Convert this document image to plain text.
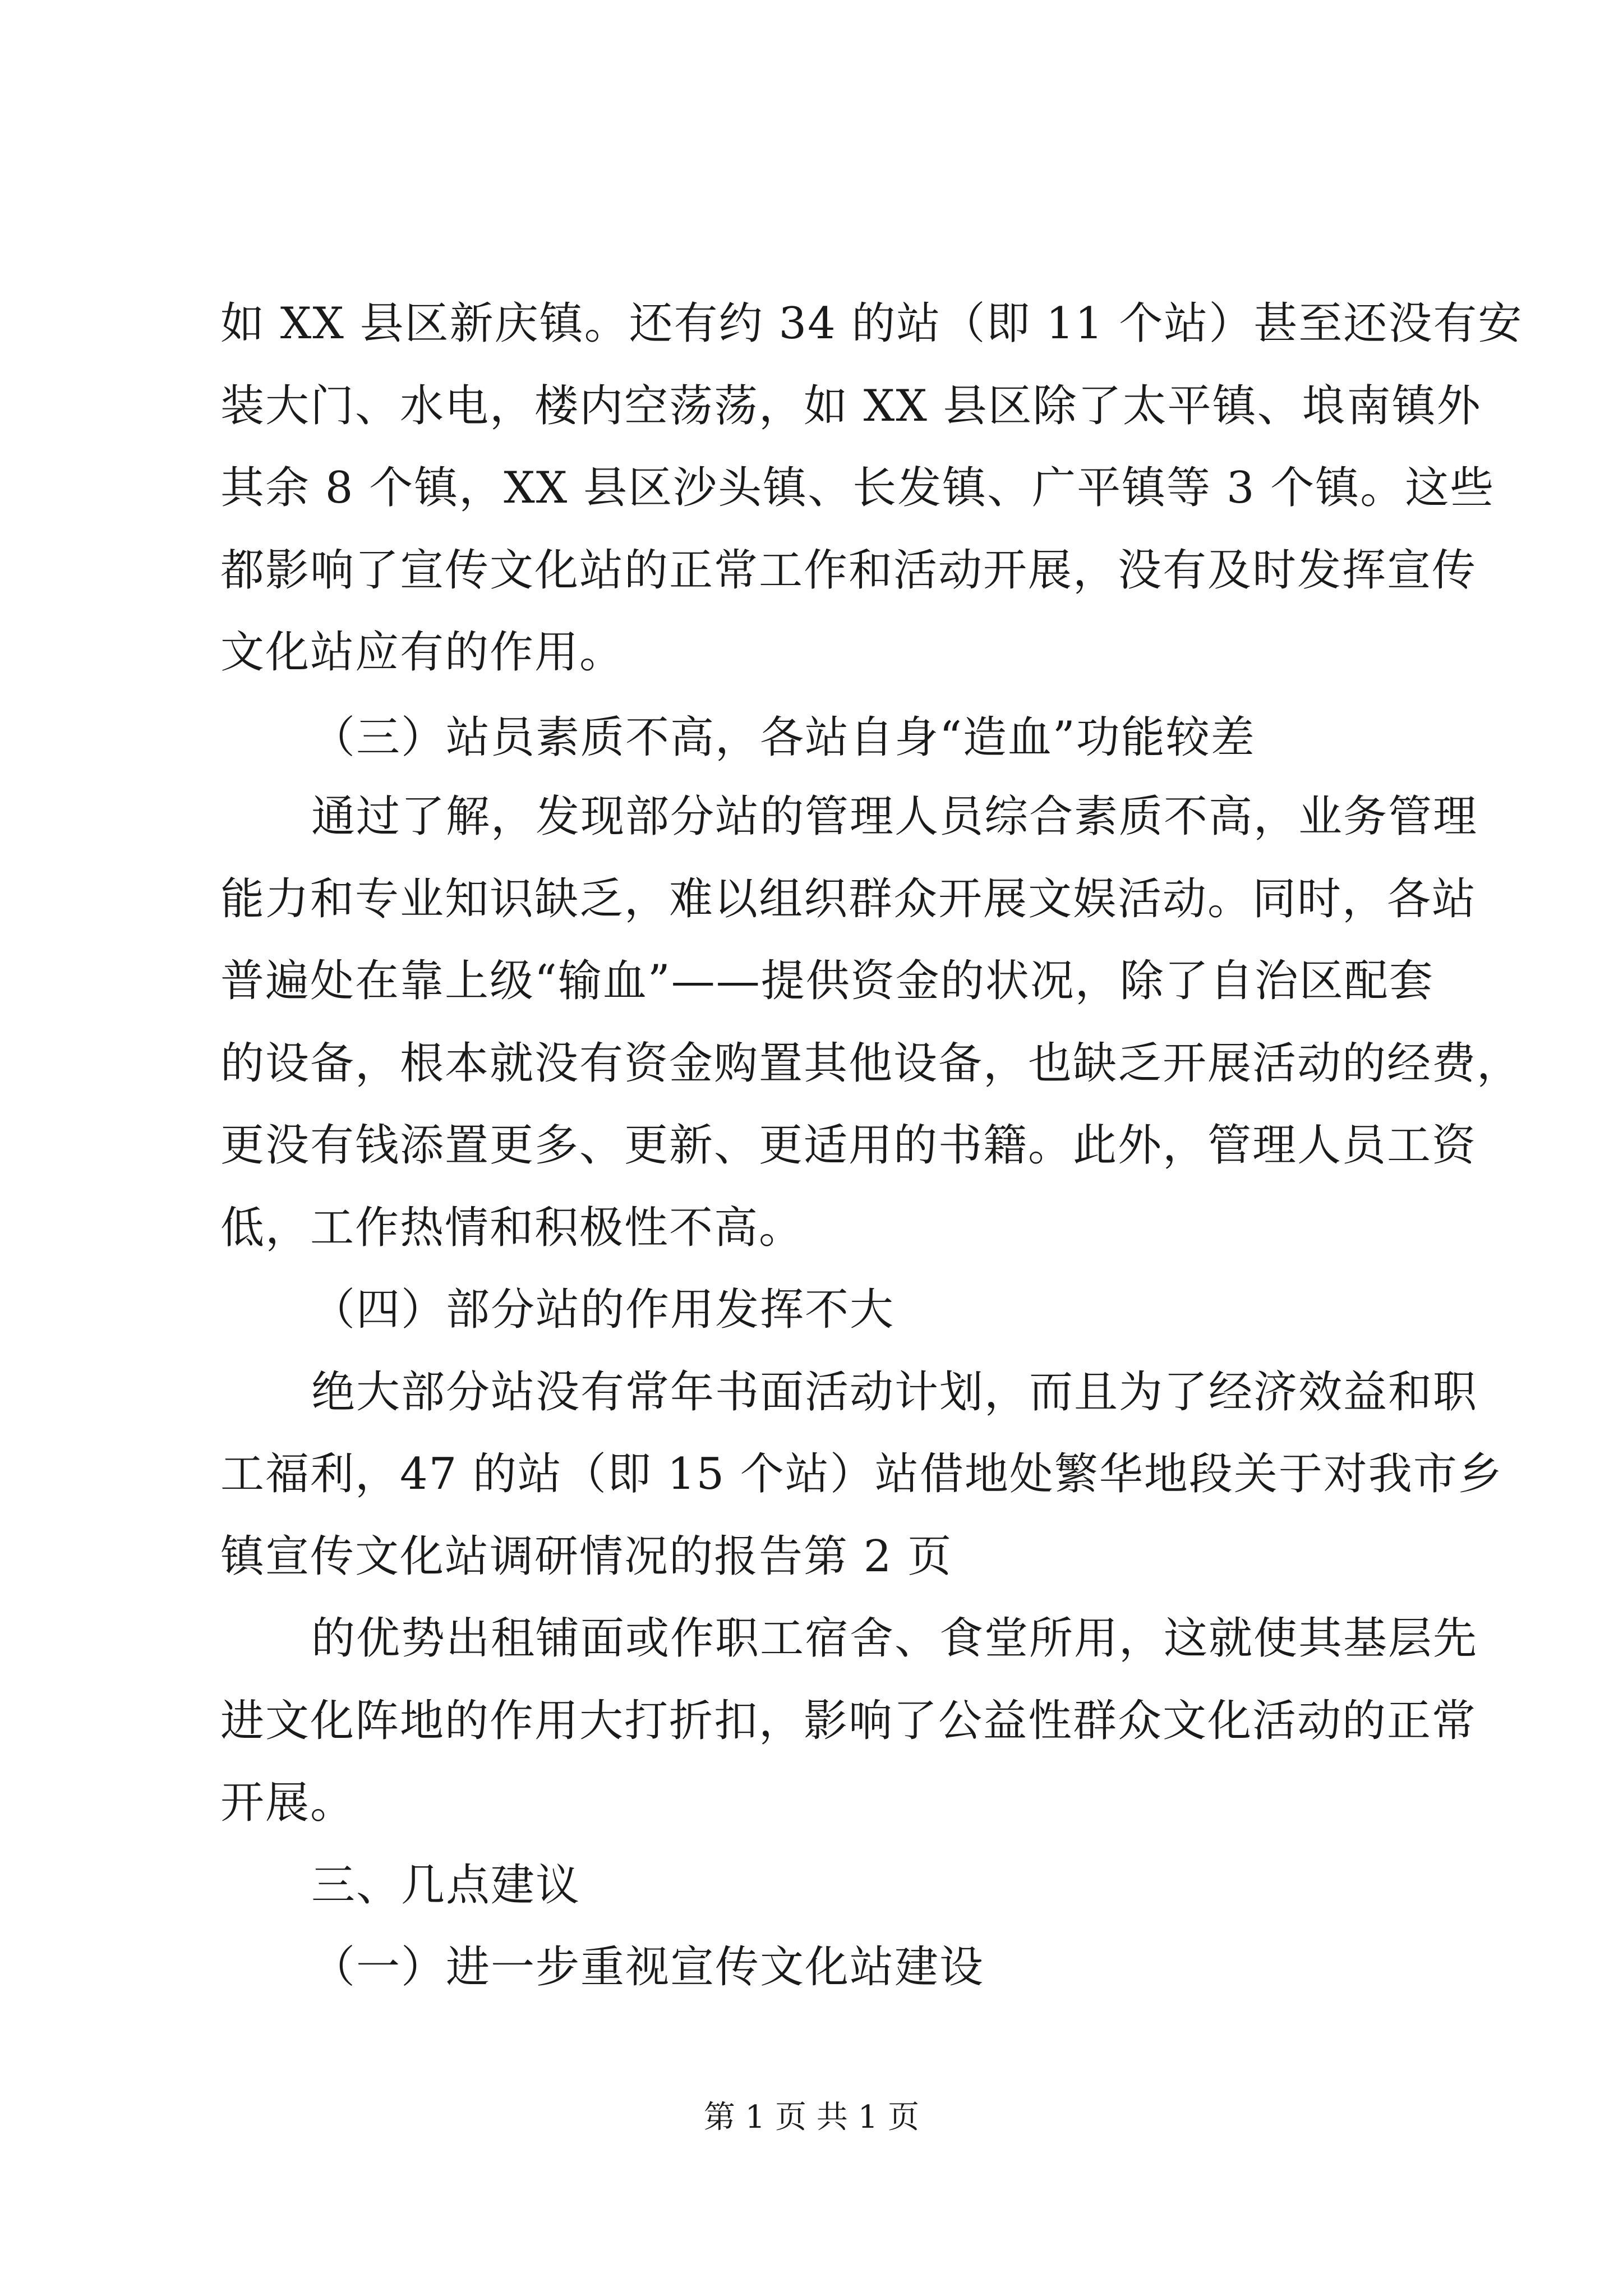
如 XX 县区新庆镇。还有约 34 的站（即 11 个站）甚至还没有安
装大门、水电，楼内空荡荡，如 XX 县区除了太平镇、埌南镇外
其余 8 个镇，XX 县区沙头镇、长发镇、广平镇等 3 个镇。这些
都影响了宣传文化站的正常工作和活动开展，没有及时发挥宣传
文化站应有的作用。
（三）站员素质不高，各站自身“造血”功能较差
通过了解，发现部分站的管理人员综合素质不高，业务管理
能力和专业知识缺乏，难以组织群众开展文娱活动。同时，各站
普遍处在靠上级“输血”——提供资金的状况，除了自治区配套
的设备，根本就没有资金购置其他设备，也缺乏开展活动的经费，
更没有钱添置更多、更新、更适用的书籍。此外，管理人员工资
低，工作热情和积极性不高。
（四）部分站的作用发挥不大
绝大部分站没有常年书面活动计划，而且为了经济效益和职
工福利，47 的站（即 15 个站）站借地处繁华地段关于对我市乡
镇宣传文化站调研情况的报告第 2 页
的优势出租铺面或作职工宿舍、食堂所用，这就使其基层先
进文化阵地的作用大打折扣，影响了公益性群众文化活动的正常
开展。
三、几点建议
（一）进一步重视宣传文化站建设
第 1 页 共 1 页
